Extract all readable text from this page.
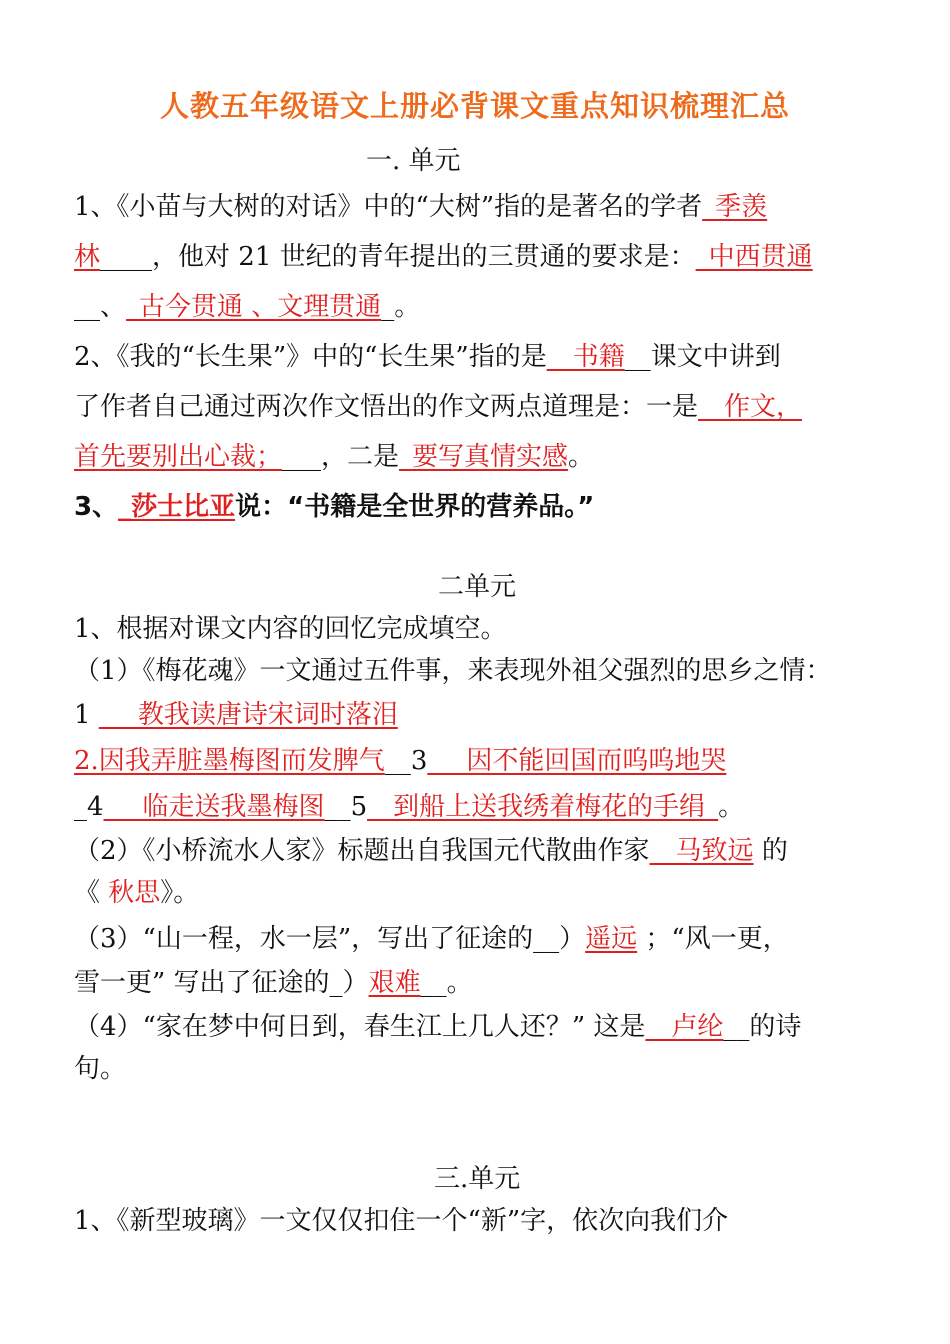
人教五年级语文上册必背课文重点知识梳理汇总
一. 单元
二单元
三.单元
1、《小苗与大树的对话》中的“大树”指的是著名的学者_季羡
林____，他对 21 世纪的青年提出的三贯通的要求是：_中西贯通
__、_古今贯通 、文理贯通_。
2、《我的“长生果”》中的“长生果”指的是__书籍__课文中讲到
了作者自己通过两次作文悟出的作文两点道理是：一是__作文，
首先要别出心裁；___，二是_要写真情实感。
3、_莎士比亚说：“书籍是全世界的营养品。”
1、根据对课文内容的回忆完成填空。
（1）《梅花魂》一文通过五件事，来表现外祖父强烈的思乡之情：
1 ___教我读唐诗宋词时落泪
2.因我弄脏墨梅图而发脾气__3___因不能回国而呜呜地哭
_4___临走送我墨梅图__5__到船上送我绣着梅花的手绢_。
（2）《小桥流水人家》标题出自我国元代散曲作家__马致远 的
《 秋思》。
（3）“山一程，水一层”，写出了征途的__）遥远 ；“风一更，
雪一更” 写出了征途的_）艰难__。
（4）“家在梦中何日到，春生江上几人还？” 这是__卢纶__的诗
句。
1、《新型玻璃》一文仅仅扣住一个“新”字，依次向我们介
